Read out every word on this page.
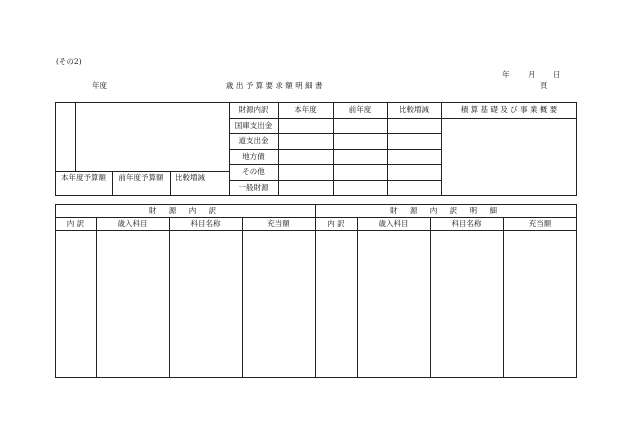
(その2)
年 月 日
年度	歳 出 予 算 要 求 額 明 細 書	頁
本年度予算額	前年度予算額	比較増減
財源内訳	本年度	前年度	比較増減	積 算 基 礎 及 び 事 業 概 要
国庫支出金
道支出金
地方債
その他
一般財源
財 源 内 訳	財 源 内 訳 明 細
内 訳	歳入科目	科目名称	充当額	内 訳	歳入科目	科目名称	充当額
